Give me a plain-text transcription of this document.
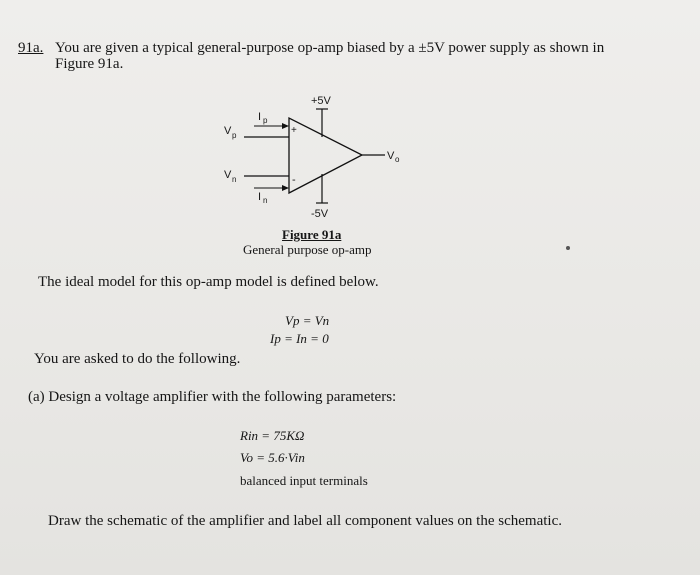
91a. You are given a typical general-purpose op-amp biased by a ±5V power supply as shown in
Figure 91a.
+5V
-5V
+
-
I p
I n
V p
V n
V o
Figure 91a
General purpose op-amp
The ideal model for this op-amp model is defined below.
Vp = Vn
Ip = In = 0
You are asked to do the following.
(a) Design a voltage amplifier with the following parameters:
Rin = 75KΩ
Vo = 5.6·Vin
balanced input terminals
Draw the schematic of the amplifier and label all component values on the schematic.
